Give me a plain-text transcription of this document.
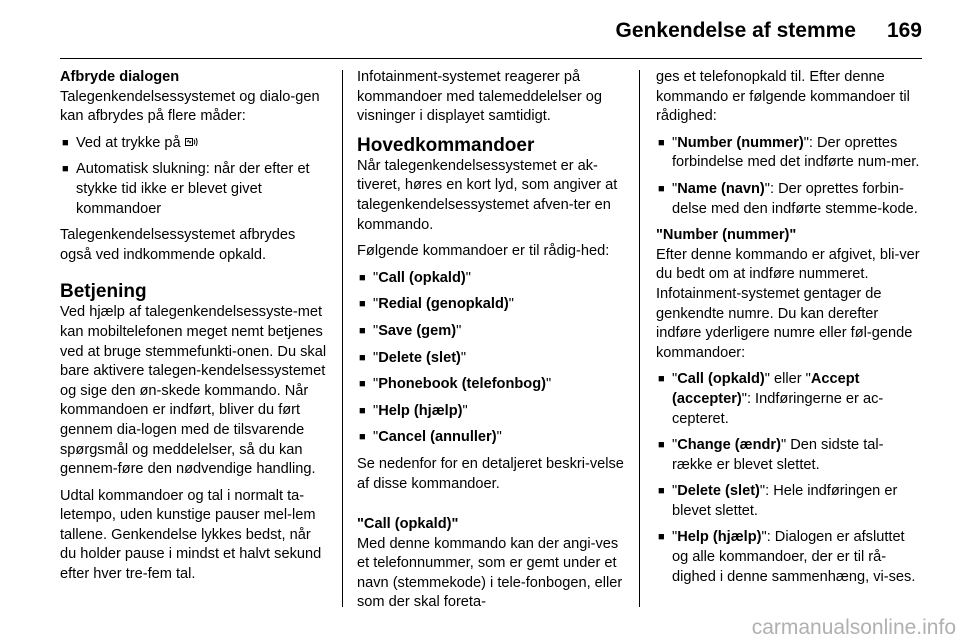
Genkendelse af stemme 169

Afbryde dialogen

Talegenkendelsessystemet og dialo-gen kan afbrydes på flere måder:

■ Ved at trykke på
■ Automatisk slukning: når der efter et stykke tid ikke er blevet givet kommandoer

Talegenkendelsessystemet afbrydes også ved indkommende opkald.

Betjening

Ved hjælp af talegenkendelsessyste-met kan mobiltelefonen meget nemt betjenes ved at bruge stemmefunkti-onen. Du skal bare aktivere talegen-kendelsessystemet og sige den øn-skede kommando. Når kommandoen er indført, bliver du ført gennem dia-logen med de tilsvarende spørgsmål og meddelelser, så du kan gennem-føre den nødvendige handling.

Udtal kommandoer og tal i normalt ta-letempo, uden kunstige pauser mel-lem tallene. Genkendelse lykkes bedst, når du holder pause i mindst et halvt sekund efter hver tre-fem tal.

Infotainment-systemet reagerer på kommandoer med talemeddelelser og visninger i displayet samtidigt.

Hovedkommandoer

Når talegenkendelsessystemet er ak-tiveret, høres en kort lyd, som angiver at talegenkendelsessystemet afven-ter en kommando.

Følgende kommandoer er til rådig-hed:

■ "Call (opkald)"
■ "Redial (genopkald)"
■ "Save (gem)"
■ "Delete (slet)"
■ "Phonebook (telefonbog)"
■ "Help (hjælp)"
■ "Cancel (annuller)"

Se nedenfor for en detaljeret beskri-velse af disse kommandoer.

"Call (opkald)"

Med denne kommando kan der angi-ves et telefonnummer, som er gemt under et navn (stemmekode) i tele-fonbogen, eller som der skal foreta-

ges et telefonopkald til. Efter denne kommando er følgende kommandoer til rådighed:

■ "Number (nummer)": Der oprettes forbindelse med det indførte num-mer.
■ "Name (navn)": Der oprettes forbin-delse med den indførte stemme-kode.

"Number (nummer)"

Efter denne kommando er afgivet, bli-ver du bedt om at indføre nummeret. Infotainment-systemet gentager de genkendte numre. Du kan derefter indføre yderligere numre eller føl-gende kommandoer:

■ "Call (opkald)" eller "Accept (accepter)": Indføringerne er ac-cepteret.
■ "Change (ændr)" Den sidste tal-række er blevet slettet.
■ "Delete (slet)": Hele indføringen er blevet slettet.
■ "Help (hjælp)": Dialogen er afsluttet og alle kommandoer, der er til rå-dighed i denne sammenhæng, vi-ses.
carmanualsonline.info
